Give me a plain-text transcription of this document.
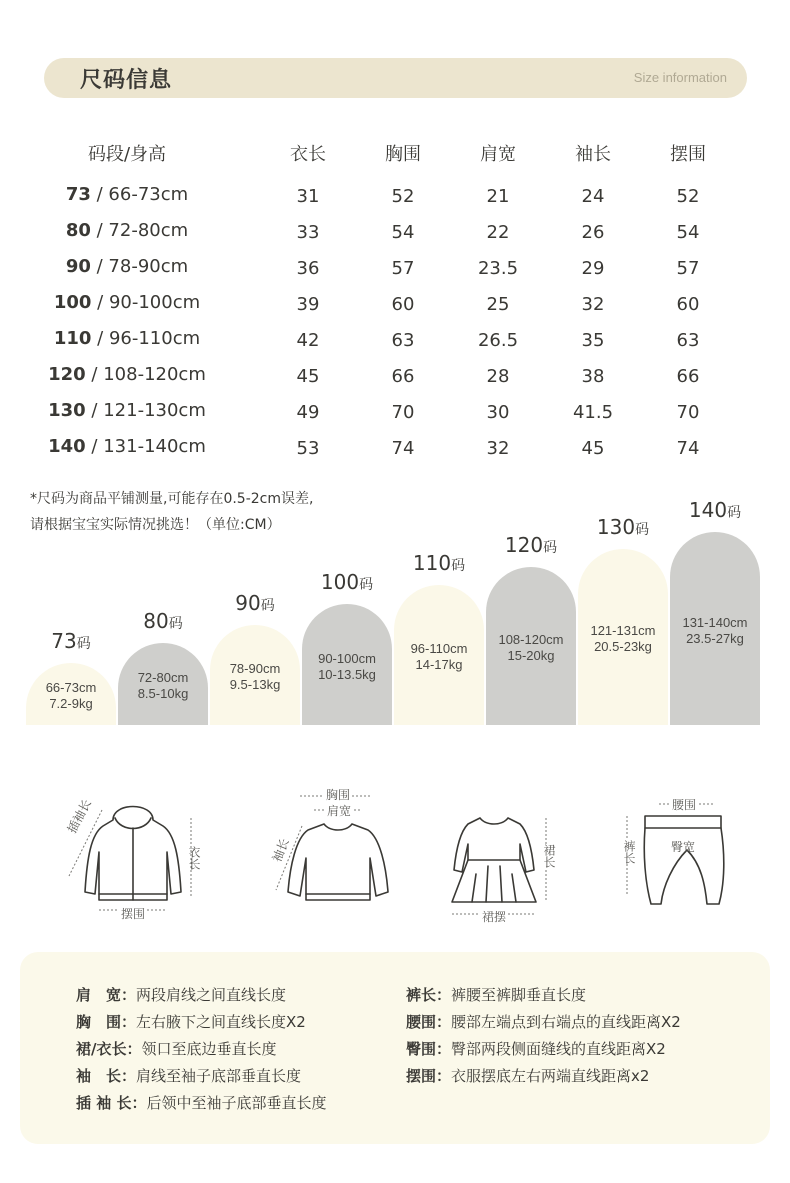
尺码信息	Size information
码段/身高	衣长	胸围	肩宽	袖长	摆围
73 / 66-73cm	31	52	21	24	52
80 / 72-80cm	33	54	22	26	54
90 / 78-90cm	36	57	23.5	29	57
100 / 90-100cm	39	60	25	32	60
110 / 96-110cm	42	63	26.5	35	63
120 / 108-120cm	45	66	28	38	66
130 / 121-130cm	49	70	30	41.5	70
140 / 131-140cm	53	74	32	45	74
*尺码为商品平铺测量,可能存在0.5-2cm误差,
请根据宝宝实际情况挑选！（单位:CM）
66-73cm
7.2-9kg
73码
72-80cm
8.5-10kg
80码
78-90cm
9.5-13kg
90码
90-100cm
10-13.5kg
100码
96-110cm
14-17kg
110码
108-120cm
15-20kg
120码
121-131cm
20.5-23kg
130码
131-140cm
23.5-27kg
140码
插袖长
衣长
摆围
胸围
肩宽
袖长	裙长
裙摆
腰围
裤长	臀宽
肩　宽：两段肩线之间直线长度
胸　围：左右腋下之间直线长度X2
裙/衣长：领口至底边垂直长度
袖　长：肩线至袖子底部垂直长度
插 袖 长：后领中至袖子底部垂直长度
裤长：裤腰至裤脚垂直长度
腰围：腰部左端点到右端点的直线距离X2
臀围：臀部两段侧面缝线的直线距离X2
摆围：衣服摆底左右两端直线距离x2
